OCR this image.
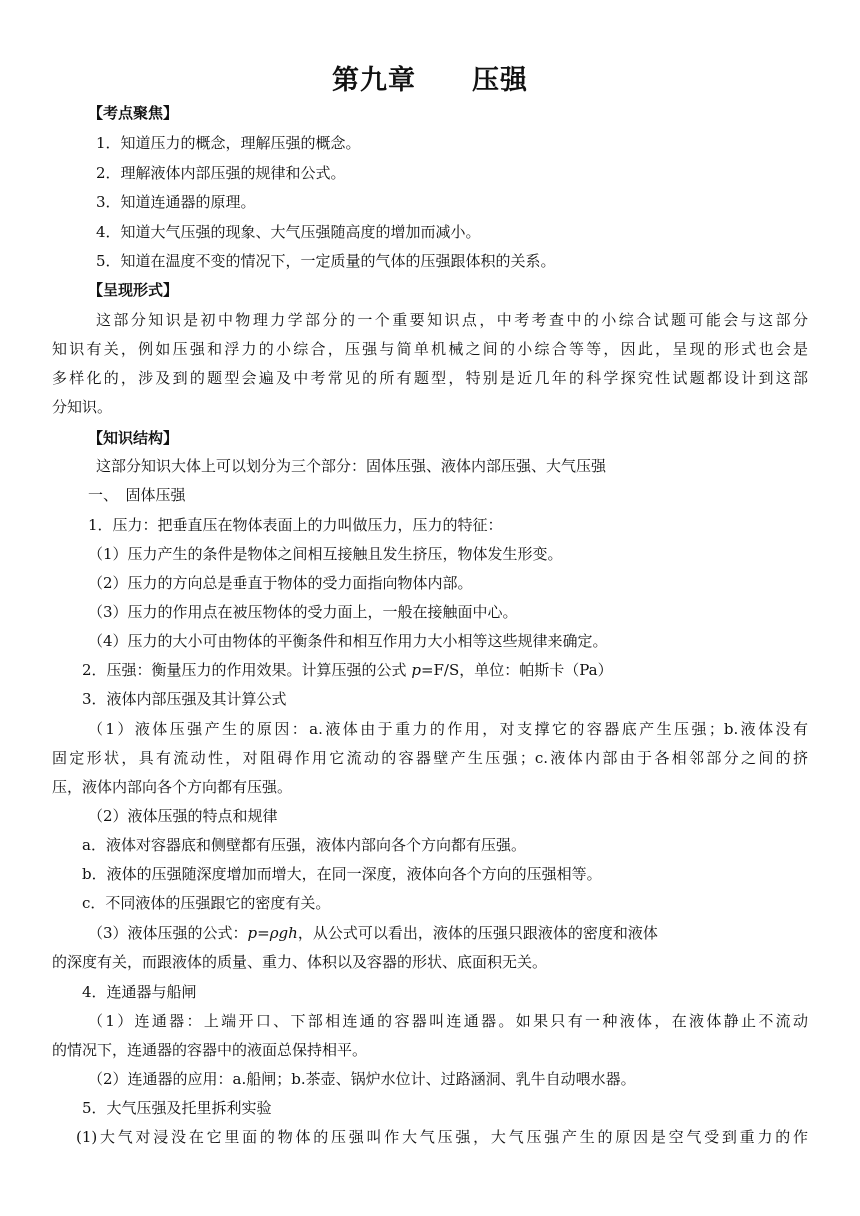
第九章　　压强
【考点聚焦】
1．知道压力的概念，理解压强的概念。
2．理解液体内部压强的规律和公式。
3．知道连通器的原理。
4．知道大气压强的现象、大气压强随高度的增加而减小。
5．知道在温度不变的情况下，一定质量的气体的压强跟体积的关系。
【呈现形式】
这部分知识是初中物理力学部分的一个重要知识点，中考考查中的小综合试题可能会与这部分
知识有关，例如压强和浮力的小综合，压强与简单机械之间的小综合等等，因此，呈现的形式也会是
多样化的，涉及到的题型会遍及中考常见的所有题型，特别是近几年的科学探究性试题都设计到这部
分知识。
【知识结构】
这部分知识大体上可以划分为三个部分：固体压强、液体内部压强、大气压强
一、　固体压强
1．压力：把垂直压在物体表面上的力叫做压力，压力的特征：
（1）压力产生的条件是物体之间相互接触且发生挤压，物体发生形变。
（2）压力的方向总是垂直于物体的受力面指向物体内部。
（3）压力的作用点在被压物体的受力面上，一般在接触面中心。
（4）压力的大小可由物体的平衡条件和相互作用力大小相等这些规律来确定。
2．压强：衡量压力的作用效果。计算压强的公式 p=F/S，单位：帕斯卡（Pa）
3．液体内部压强及其计算公式
（1）液体压强产生的原因：a.液体由于重力的作用，对支撑它的容器底产生压强；b.液体没有
固定形状，具有流动性，对阻碍作用它流动的容器壁产生压强；c.液体内部由于各相邻部分之间的挤
压，液体内部向各个方向都有压强。
（2）液体压强的特点和规律
a．液体对容器底和侧壁都有压强，液体内部向各个方向都有压强。
b．液体的压强随深度增加而增大，在同一深度，液体向各个方向的压强相等。
c．不同液体的压强跟它的密度有关。
（3）液体压强的公式：p=ρgh，从公式可以看出，液体的压强只跟液体的密度和液体
的深度有关，而跟液体的质量、重力、体积以及容器的形状、底面积无关。
4．连通器与船闸
（1）连通器：上端开口、下部相连通的容器叫连通器。如果只有一种液体，在液体静止不流动
的情况下，连通器的容器中的液面总保持相平。
（2）连通器的应用：a.船闸；b.茶壶、锅炉水位计、过路涵洞、乳牛自动喂水器。
5．大气压强及托里拆利实验
(1)大气对浸没在它里面的物体的压强叫作大气压强，大气压强产生的原因是空气受到重力的作
